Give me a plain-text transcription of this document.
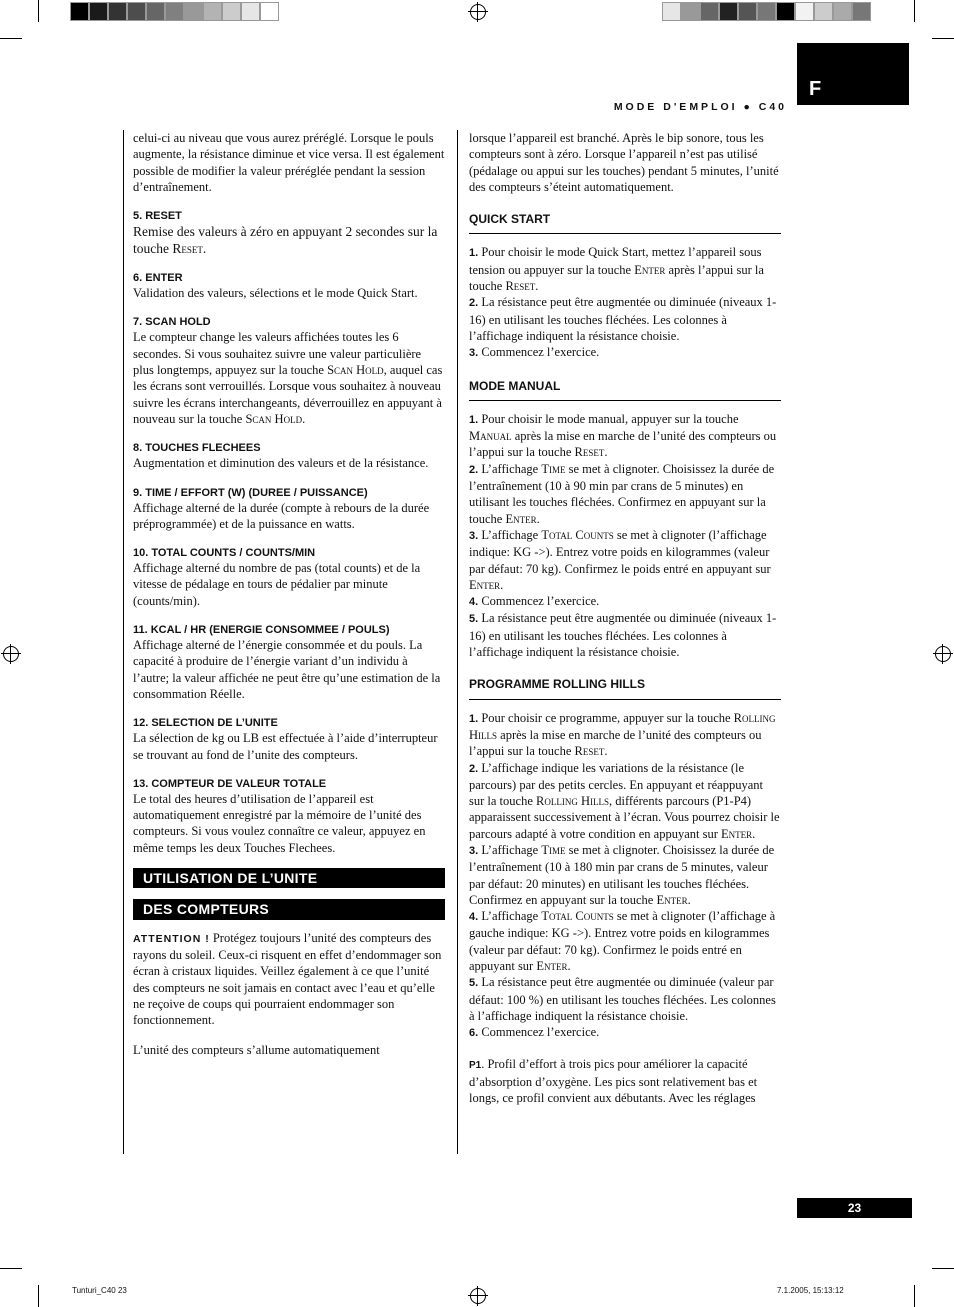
F
MODE D'EMPLOI ● C40

celui-ci au niveau que vous aurez préréglé. Lorsque le pouls augmente, la résistance diminue et vice versa. Il est également possible de modifier la valeur préréglée pendant la session d’entraînement.

5. RESET

Remise des valeurs à zéro en appuyant 2 secondes sur la touche Reset.

6. ENTER

Validation des valeurs, sélections et le mode Quick Start.

7. SCAN HOLD

Le compteur change les valeurs affichées toutes les 6 secondes. Si vous souhaitez suivre une valeur particulière plus longtemps, appuyez sur la touche Scan Hold, auquel cas les écrans sont verrouillés. Lorsque vous souhaitez à nouveau suivre les écrans interchangeants, déverrouillez en appuyant à nouveau sur la touche Scan Hold.

8. TOUCHES FLECHEES

Augmentation et diminution des valeurs et de la résistance.

9. TIME / EFFORT (W) (DUREE / PUISSANCE)

Affichage alterné de la durée (compte à rebours de la durée préprogrammée) et de la puissance en watts.

10. TOTAL COUNTS / COUNTS/MIN

Affichage alterné du nombre de pas (total counts) et de la vitesse de pédalage en tours de pédalier par minute (counts/min).

11. KCAL / HR (ENERGIE CONSOMMEE / POULS)

Affichage alterné de l’énergie consommée et du pouls. La capacité à produire de l’énergie variant d’un individu à l’autre; la valeur affichée ne peut être qu’une estimation de la consommation Réelle.

12. SELECTION DE L’UNITE

La sélection de kg ou LB est effectuée à l’aide d’interrupteur se trouvant au fond de l’unite des compteurs.

13. COMPTEUR DE VALEUR TOTALE

Le total des heures d’utilisation de l’appareil est automatiquement enregistré par la mémoire de l’unité des compteurs. Si vous voulez connaître ce valeur, appuyez en même temps les deux Touches Flechees.

UTILISATION DE L’UNITE
DES COMPTEURS

ATTENTION ! Protégez toujours l’unité des compteurs des rayons du soleil. Ceux-ci risquent en effet d’endommager son écran à cristaux liquides. Veillez également à ce que l’unité des compteurs ne soit jamais en contact avec l’eau et qu’elle ne reçoive de coups qui pourraient endommager son fonctionnement.

L’unité des compteurs s’allume automatiquement

lorsque l’appareil est branché. Après le bip sonore, tous les compteurs sont à zéro. Lorsque l’appareil n’est pas utilisé (pédalage ou appui sur les touches) pendant 5 minutes, l’unité des compteurs s’éteint automatiquement.

QUICK START

1. Pour choisir le mode Quick Start, mettez l’appareil sous tension ou appuyer sur la touche Enter après l’appui sur la touche Reset.

2. La résistance peut être augmentée ou diminuée (niveaux 1-16) en utilisant les touches fléchées. Les colonnes à l’affichage indiquent la résistance choisie.

3. Commencez l’exercice.

MODE MANUAL

1. Pour choisir le mode manual, appuyer sur la touche Manual après la mise en marche de l’unité des compteurs ou l’appui sur la touche Reset.

2. L’affichage Time se met à clignoter. Choisissez la durée de l’entraînement (10 à 90 min par crans de 5 minutes) en utilisant les touches fléchées. Confirmez en appuyant sur la touche Enter.

3. L’affichage Total Counts se met à clignoter (l’affichage indique: KG ->). Entrez votre poids en kilogrammes (valeur par défaut: 70 kg). Confirmez le poids entré en appuyant sur Enter.

4. Commencez l’exercice.

5. La résistance peut être augmentée ou diminuée (niveaux 1-16) en utilisant les touches fléchées. Les colonnes à l’affichage indiquent la résistance choisie.

PROGRAMME ROLLING HILLS

1. Pour choisir ce programme, appuyer sur la touche Rolling Hills après la mise en marche de l’unité des compteurs ou l’appui sur la touche Reset.

2. L’affichage indique les variations de la résistance (le parcours) par des petits cercles. En appuyant et réappuyant sur la touche Rolling Hills, différents parcours (P1-P4) apparaissent successivement à l’écran. Vous pourrez choisir le parcours adapté à votre condition en appuyant sur Enter.

3. L’affichage Time se met à clignoter. Choisissez la durée de l’entraînement (10 à 180 min par crans de 5 minutes, valeur par défaut: 20 minutes) en utilisant les touches fléchées. Confirmez en appuyant sur la touche Enter.

4. L’affichage Total Counts se met à clignoter (l’affichage à gauche indique: KG ->). Entrez votre poids en kilogrammes (valeur par défaut: 70 kg). Confirmez le poids entré en appuyant sur Enter.

5. La résistance peut être augmentée ou diminuée (valeur par défaut: 100 %) en utilisant les touches fléchées. Les colonnes à l’affichage indiquent la résistance choisie.

6. Commencez l’exercice.

P1. Profil d’effort à trois pics pour améliorer la capacité d’absorption d’oxygène. Les pics sont relativement bas et longs, ce profil convient aux débutants. Avec les réglages

23
Tunturi_C40 23	7.1.2005, 15:13:12
